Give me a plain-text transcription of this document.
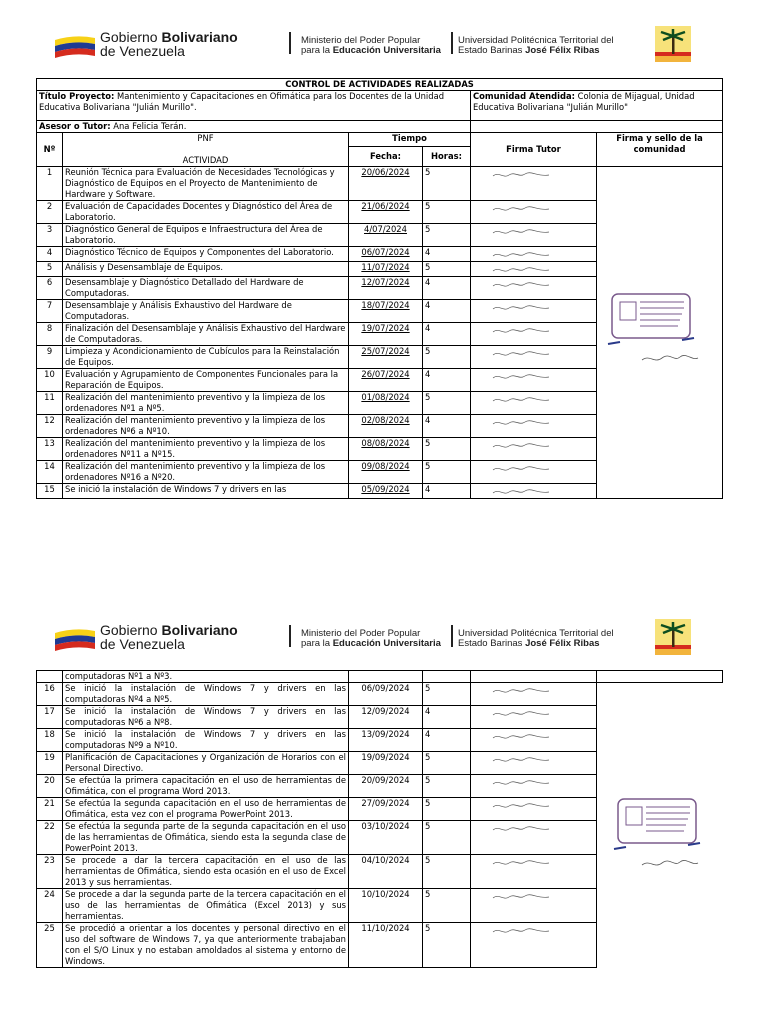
Gobierno Bolivariano
de Venezuela
Ministerio del Poder Popular
para la Educación Universitaria
Universidad Politécnica Territorial del
Estado Barinas José Félix Ribas
CONTROL DE ACTIVIDADES REALIZADAS					
Título Proyecto: Mantenimiento y Capacitaciones en Ofimática para los Docentes de la Unidad Educativa Bolivariana "Julián Murillo".				Comunidad Atendida: Colonia de Mijagual, Unidad Educativa Bolivariana "Julián Murillo"	
Asesor o Tutor: Ana Felicia Terán.					
Nº	PNF

ACTIVIDAD	Tiempo		Firma Tutor	Firma y sello de la comunidad
		Fecha:	Horas:		
1	Reunión Técnica para Evaluación de Necesidades Tecnológicas y Diagnóstico de Equipos en el Proyecto de Mantenimiento de Hardware y Software.	20/06/2024	5	

2	Evaluación de Capacidades Docentes y Diagnóstico del Área de Laboratorio.	21/06/2024	5	

3	Diagnóstico General de Equipos e Infraestructura del Área de Laboratorio.	4/07/2024	5	

4	Diagnóstico Técnico de Equipos y Componentes del Laboratorio.	06/07/2024	4	

5	Análisis y Desensamblaje de Equipos.	11/07/2024	5	

6	Desensamblaje y Diagnóstico Detallado del Hardware de Computadoras.	12/07/2024	4	

7	Desensamblaje y Análisis Exhaustivo del Hardware de Computadoras.	18/07/2024	4	

8	Finalización del Desensamblaje y Análisis Exhaustivo del Hardware de Computadoras.	19/07/2024	4	

9	Limpieza y Acondicionamiento de Cubículos para la Reinstalación de Equipos.	25/07/2024	5	

10	Evaluación y Agrupamiento de Componentes Funcionales para la Reparación de Equipos.	26/07/2024	4	

11	Realización del mantenimiento preventivo y la limpieza de los ordenadores Nº1 a Nº5.	01/08/2024	5	

12	Realización del mantenimiento preventivo y la limpieza de los ordenadores Nº6 a Nº10.	02/08/2024	4	

13	Realización del mantenimiento preventivo y la limpieza de los ordenadores Nº11 a Nº15.	08/08/2024	5	

14	Realización del mantenimiento preventivo y la limpieza de los ordenadores Nº16 a Nº20.	09/08/2024	5	

15	Se inició la instalación de Windows 7 y drivers en las	05/09/2024	4	
Gobierno Bolivariano
de Venezuela
Ministerio del Poder Popular
para la Educación Universitaria
Universidad Politécnica Territorial del
Estado Barinas José Félix Ribas
	computadoras Nº1 a Nº3.				
16	Se inició la instalación de Windows 7 y drivers en las computadoras Nº4 a Nº5.	06/09/2024	5	

17	Se inició la instalación de Windows 7 y drivers en las computadoras Nº6 a Nº8.	12/09/2024	4	

18	Se inició la instalación de Windows 7 y drivers en las computadoras Nº9 a Nº10.	13/09/2024	4	

19	Planificación de Capacitaciones y Organización de Horarios con el Personal Directivo.	19/09/2024	5	

20	Se efectúa la primera capacitación en el uso de herramientas de Ofimática, con el programa Word 2013.	20/09/2024	5	

21	Se efectúa la segunda capacitación en el uso de herramientas de Ofimática, esta vez con el programa PowerPoint 2013.	27/09/2024	5	

22	Se efectúa la segunda parte de la segunda capacitación en el uso de las herramientas de Ofimática, siendo esta la segunda clase de PowerPoint 2013.	03/10/2024	5	

23	Se procede a dar la tercera capacitación en el uso de las herramientas de Ofimática, siendo esta ocasión en el uso de Excel 2013 y sus herramientas.	04/10/2024	5	

24	Se procede a dar la segunda parte de la tercera capacitación en el uso de las herramientas de Ofimática (Excel 2013) y sus herramientas.	10/10/2024	5	

25	Se procedió a orientar a los docentes y personal directivo en el uso del software de Windows 7, ya que anteriormente trabajaban con el S/O Linux y no estaban amoldados al sistema y entorno de Windows.	11/10/2024	5	
